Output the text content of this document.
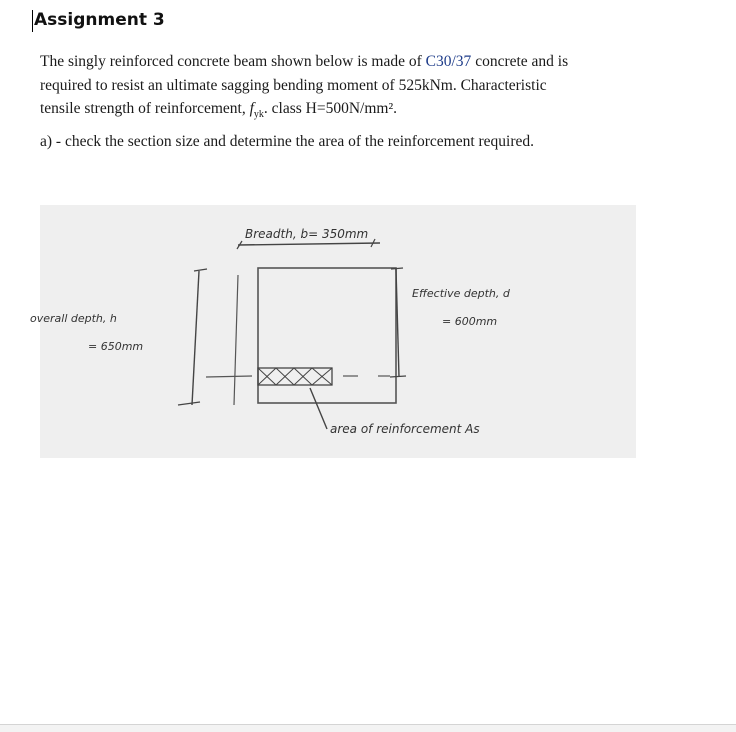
Assignment 3
The singly reinforced concrete beam shown below is made of C30/37 concrete and is
required to resist an ultimate sagging bending moment of 525kNm. Characteristic
tensile strength of reinforcement, $f_{yk}$. class H=500N/mm².
a) - check the section size and determine the area of the reinforcement required.
Breadth, b= 350mm
overall depth, h
= 650mm
Effective depth, d
= 600mm
area of reinforcement As
